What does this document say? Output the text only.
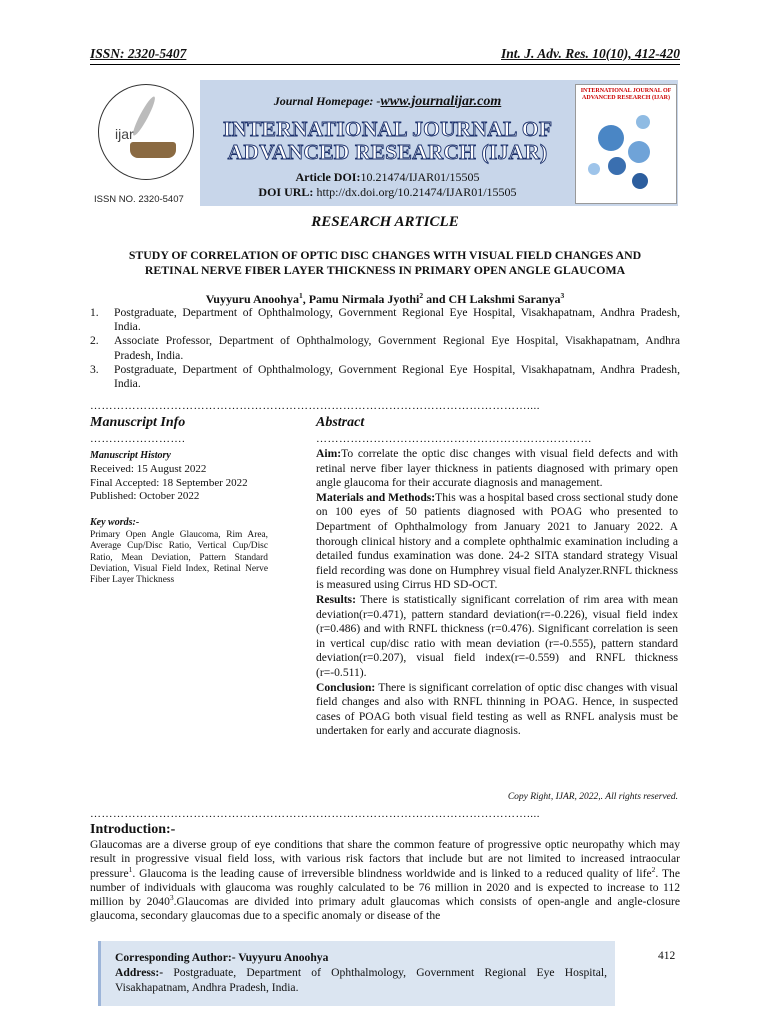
ISSN: 2320-5407	Int. J. Adv. Res. 10(10), 412-420
ijar
ISSN NO. 2320-5407
INTERNATIONAL JOURNAL OF ADVANCED RESEARCH (IJAR)
Journal Homepage: -www.journalijar.com
INTERNATIONAL JOURNAL OF
ADVANCED RESEARCH (IJAR)
Article DOI:10.21474/IJAR01/15505
DOI URL: http://dx.doi.org/10.21474/IJAR01/15505
RESEARCH ARTICLE
STUDY OF CORRELATION OF OPTIC DISC CHANGES WITH VISUAL FIELD CHANGES AND
RETINAL NERVE FIBER LAYER THICKNESS IN PRIMARY OPEN ANGLE GLAUCOMA
Vuyyuru Anoohya$^1$, Pamu Nirmala Jyothi$^2$ and CH Lakshmi Saranya$^3$
1. Postgraduate, Department of Ophthalmology, Government Regional Eye Hospital, Visakhapatnam, Andhra Pradesh, India.
2. Associate Professor, Department of Ophthalmology, Government Regional Eye Hospital, Visakhapatnam, Andhra Pradesh, India.
3. Postgraduate, Department of Ophthalmology, Government Regional Eye Hospital, Visakhapatnam, Andhra Pradesh, India.
……………………………………………………………………………………………………....
Manuscript Info
…………………….
Manuscript History
Received: 15 August 2022
Final Accepted: 18 September 2022
Published: October 2022
Key words:-
Primary Open Angle Glaucoma, Rim Area, Average Cup/Disc Ratio, Vertical Cup/Disc Ratio, Mean Deviation, Pattern Standard Deviation, Visual Field Index, Retinal Nerve Fiber Layer Thickness
Abstract
………………………………………………………………

Aim:To correlate the optic disc changes with visual field defects and with retinal nerve fiber layer thickness in patients diagnosed with primary open angle glaucoma for their accurate diagnosis and management.

Materials and Methods:This was a hospital based cross sectional study done on 100 eyes of 50 patients diagnosed with POAG who presented to Department of Ophthalmology from January 2021 to January 2022. A thorough clinical history and a complete ophthalmic examination including a detailed fundus examination was done. 24-2 SITA standard strategy Visual field recording was done on Humphrey visual field Analyzer.RNFL thickness is measured using Cirrus HD SD-OCT.

Results: There is statistically significant correlation of rim area with mean deviation(r=0.471), pattern standard deviation(r=-0.226), visual field index (r=0.486) and with RNFL thickness (r=0.476). Significant correlation is seen in vertical cup/disc ratio with mean deviation (r=-0.555), pattern standard deviation(r=0.207), visual field index(r=-0.559) and RNFL thickness (r=-0.511).

Conclusion: There is significant correlation of optic disc changes with visual field changes and also with RNFL thinning in POAG. Hence, in suspected cases of POAG both visual field testing as well as RNFL analysis must be undertaken for early and accurate diagnosis.

Copy Right, IJAR, 2022,. All rights reserved.
……………………………………………………………………………………………………....
Introduction:-
Glaucomas are a diverse group of eye conditions that share the common feature of progressive optic neuropathy which may result in progressive visual field loss, with various risk factors that include but are not limited to increased intraocular pressure$^1$. Glaucoma is the leading cause of irreversible blindness worldwide and is linked to a reduced quality of life$^2$. The number of individuals with glaucoma was roughly calculated to be 76 million in 2020 and is expected to increase to 112 million by 2040$^3$.Glaucomas are divided into primary adult glaucomas which consists of open-angle and angle-closure glaucoma, secondary glaucomas due to a specific anomaly or disease of the
Corresponding Author:- Vuyyuru Anoohya
Address:- Postgraduate, Department of Ophthalmology, Government Regional Eye Hospital, Visakhapatnam, Andhra Pradesh, India.
412
